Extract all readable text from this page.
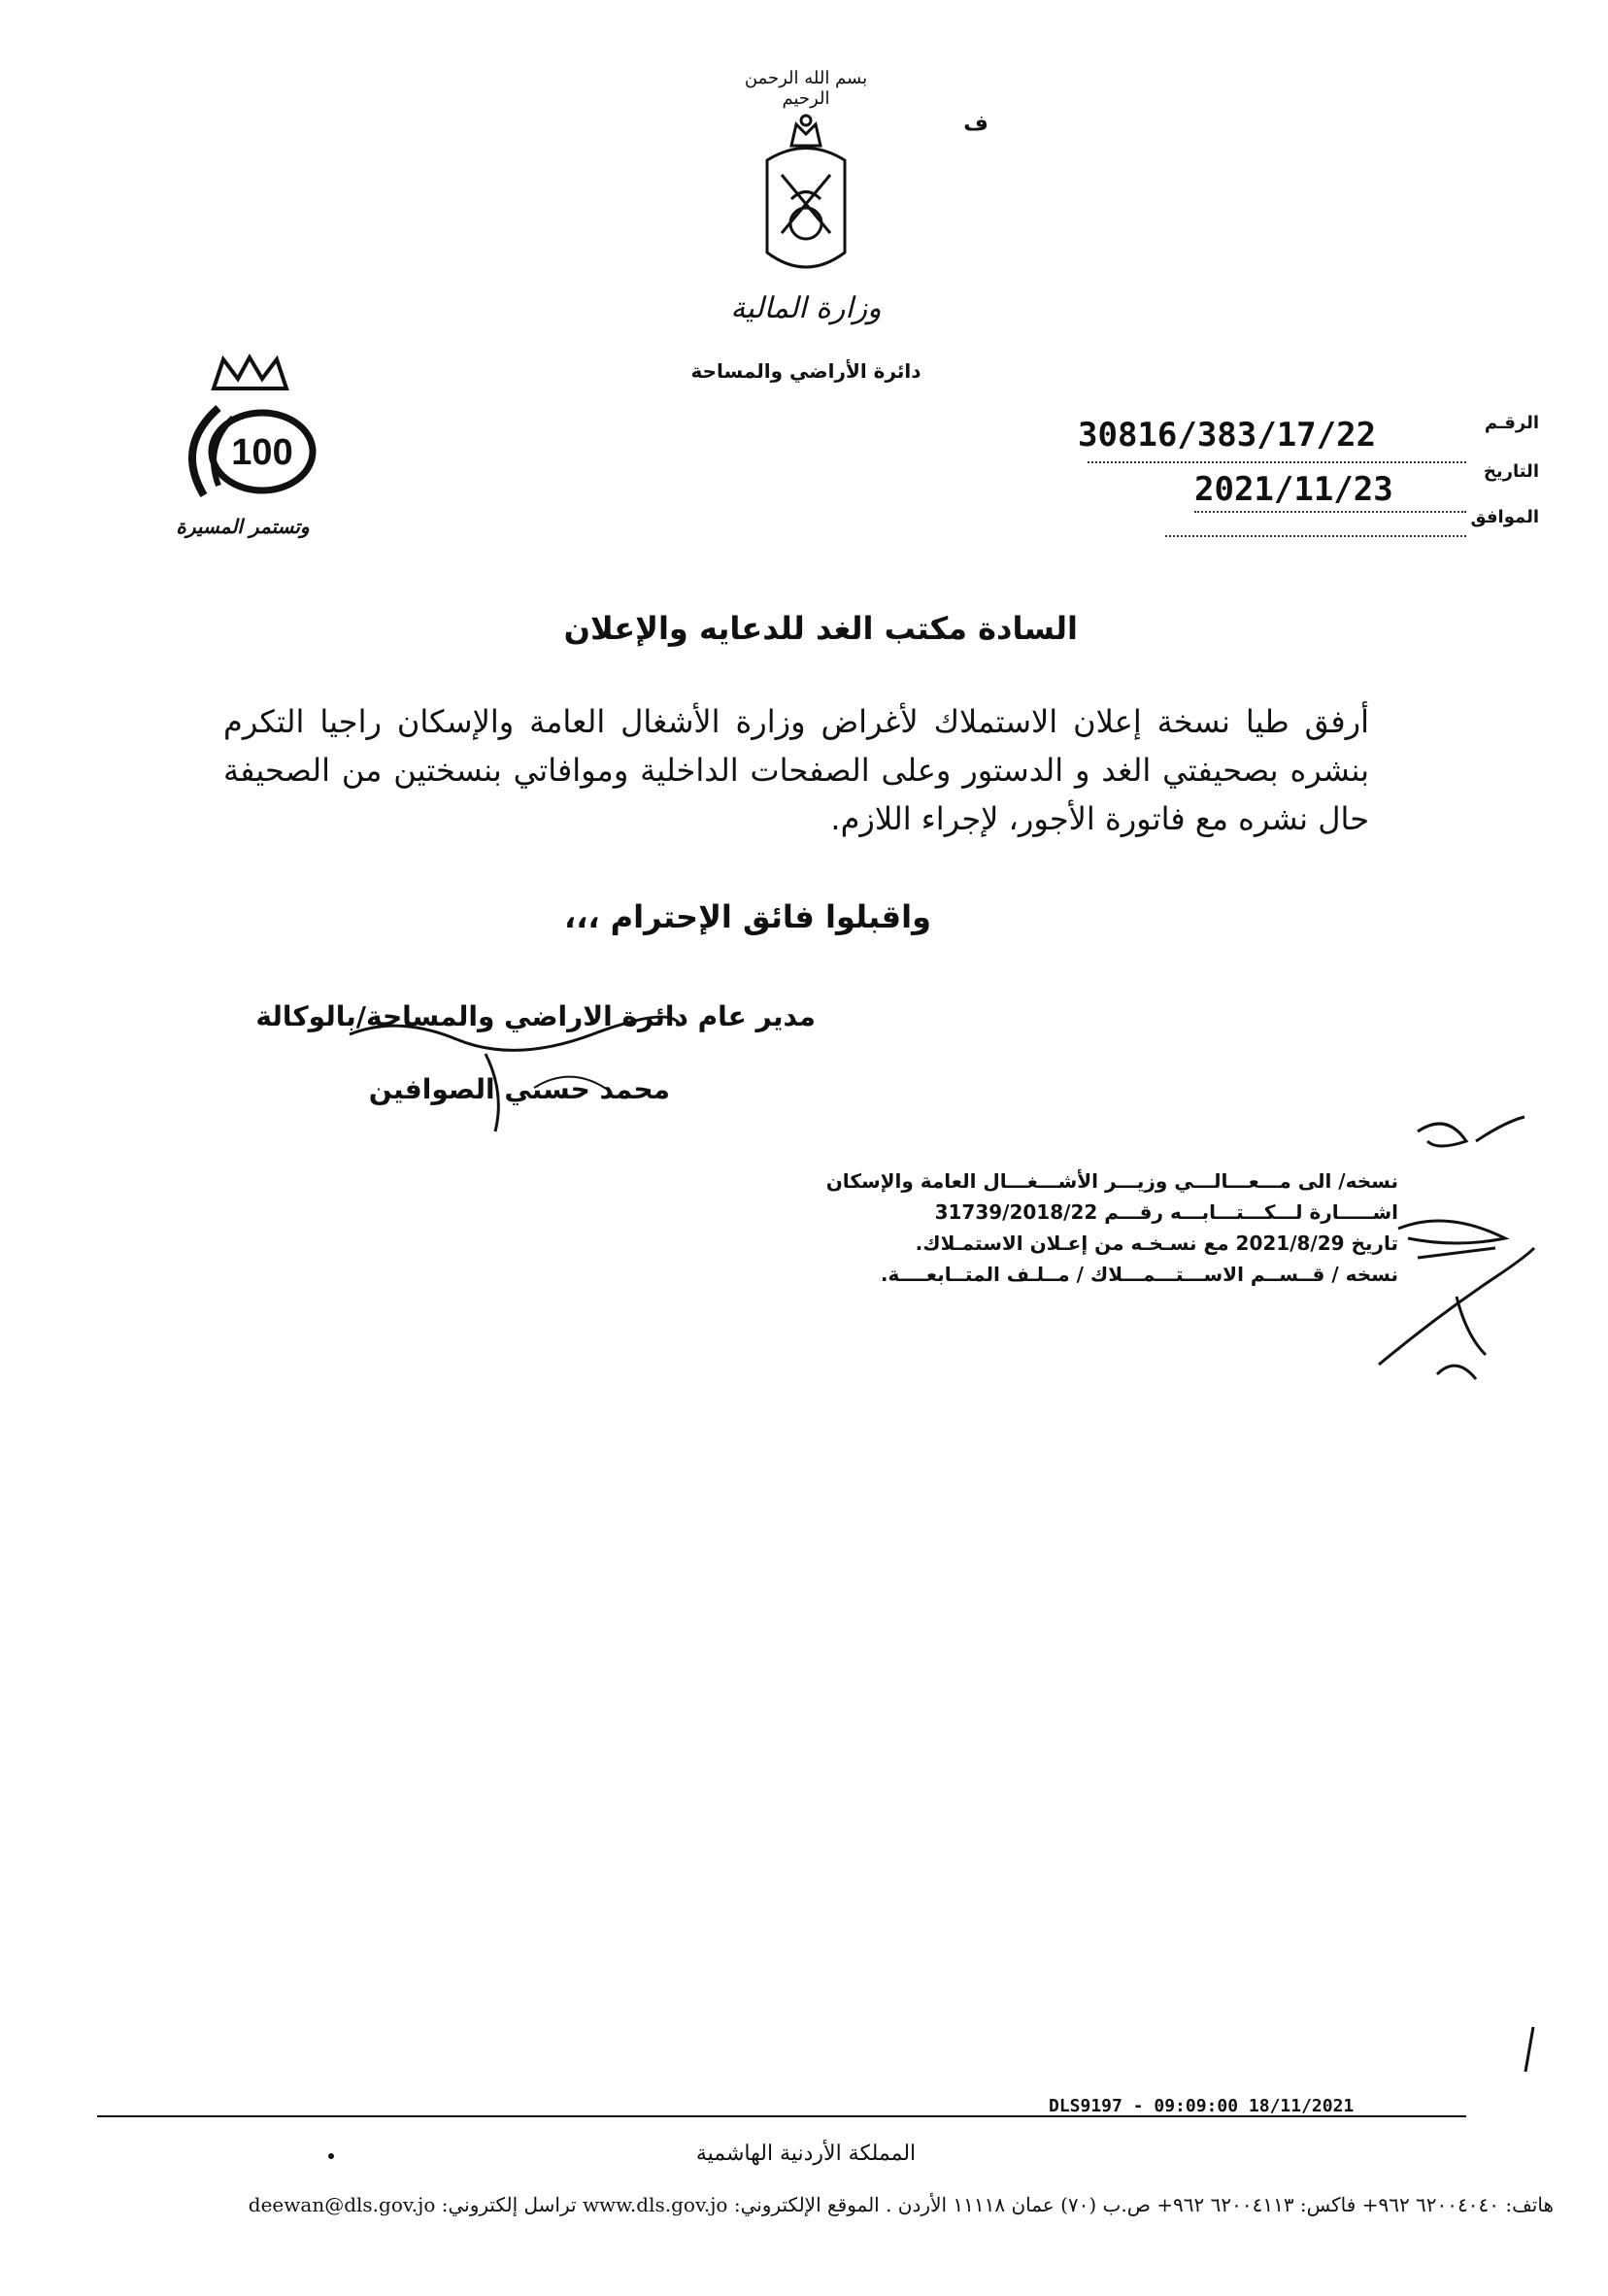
بسم الله الرحمن الرحيم
ف
وزارة المالية
دائرة الأراضي والمساحة
100
وتستمر المسيرة
الرقـم
التاريخ
الموافق
30816/383/17/22
2021/11/23
السادة مكتب الغد للدعايه والإعلان
أرفق طيا نسخة إعلان الاستملاك لأغراض وزارة الأشغال العامة والإسكان راجيا التكرم بنشره بصحيفتي الغد و الدستور وعلى الصفحات الداخلية وموافاتي بنسختين من الصحيفة حال نشره مع فاتورة الأجور، لإجراء اللازم.
واقبلوا فائق الإحترام ،،،
مدير عام دائرة الاراضي والمساحة/بالوكالة
محمد حسني الصوافين
نسخه/ الى مـــعـــالـــي وزيـــر الأشـــغـــال العامة والإسكان
اشـــــارة لـــكـــتـــابـــه رقـــم 31739/2018/22
تاريخ 2021/8/29 مع نسـخـه من إعـلان الاستمـلاك.
نسخه / قــســم الاســـتـــمـــلاك / مــلـف المتــابعــــة.
DLS9197 - 09:09:00 18/11/2021
المملكة الأردنية الهاشمية
هاتف: ٦٢٠٠٤٠٤٠ ٩٦٢+ فاكس: ٦٢٠٠٤١١٣ ٩٦٢+ ص.ب (٧٠) عمان ١١١١٨ الأردن . الموقع الإلكتروني: www.dls.gov.jo تراسل إلكتروني: deewan@dls.gov.jo
